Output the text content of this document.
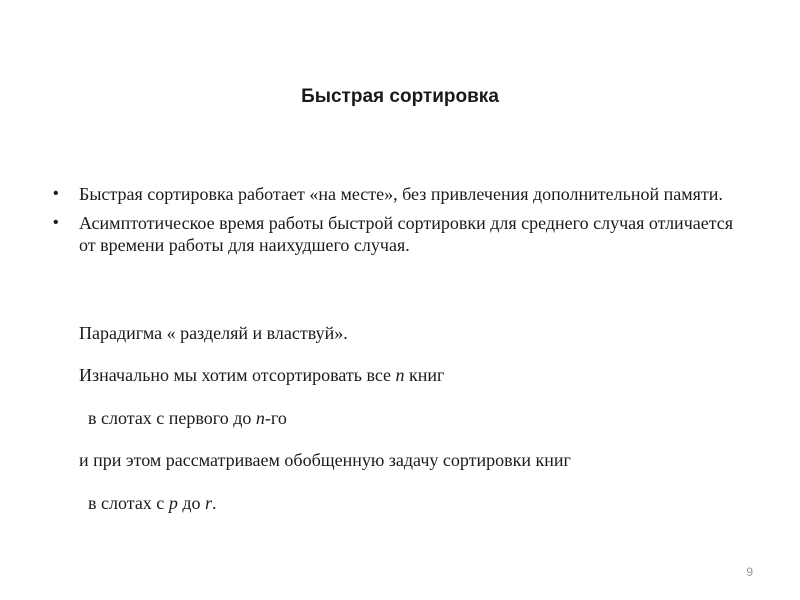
Быстрая сортировка
• Быстрая сортировка работает «на месте», без привлечения дополнительной памяти.
• Асимптотическое время работы быстрой сортировки для среднего случая отличается от времени работы для наихудшего случая.
Парадигма « разделяй и властвуй».
Изначально мы хотим отсортировать все n книг
в слотах с первого до n-го
и при этом рассматриваем обобщенную задачу сортировки книг
в слотах с p до r.
9
